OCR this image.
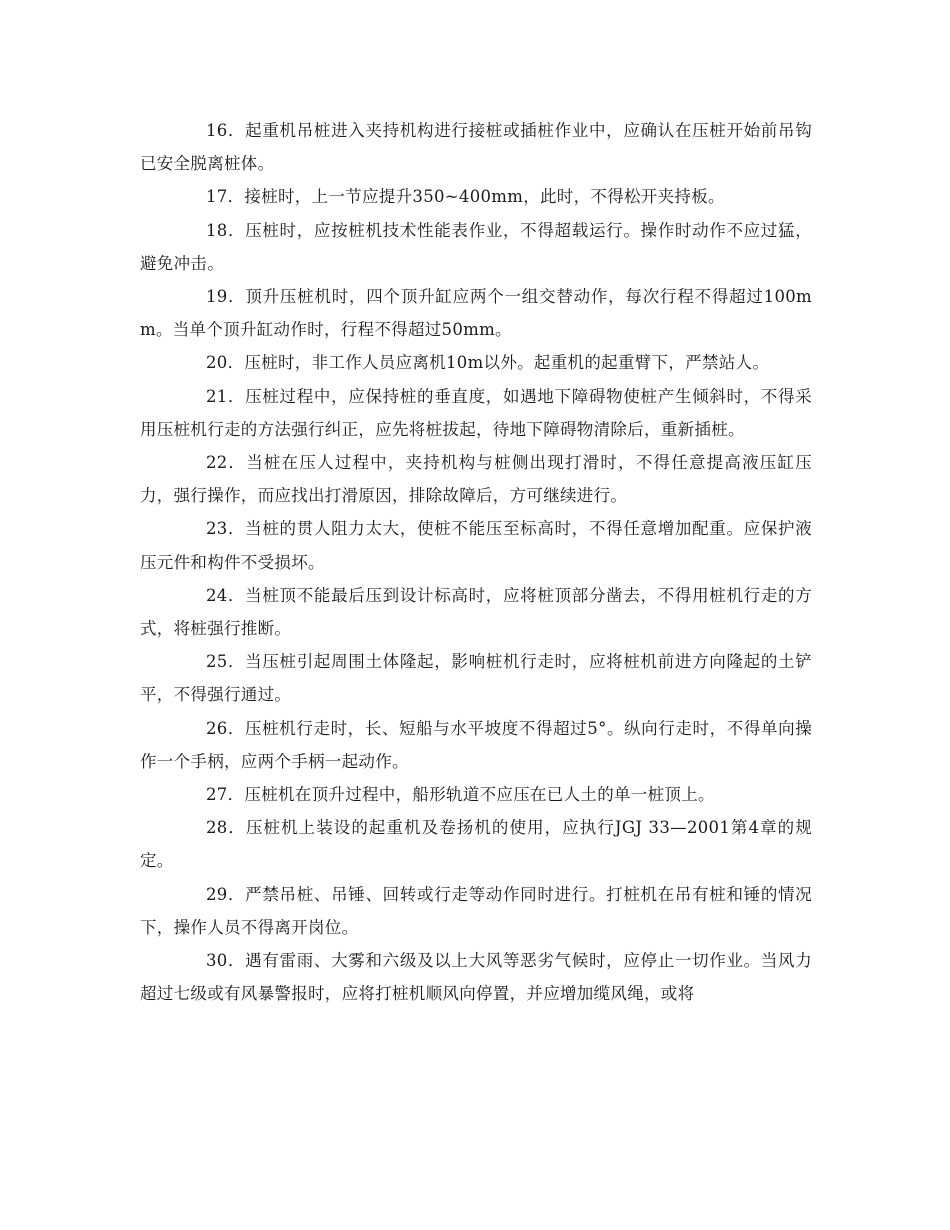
16．起重机吊桩进入夹持机构进行接桩或插桩作业中，应确认在压桩开始前吊钩已安全脱离桩体。

17．接桩时，上一节应提升350~400mm，此时，不得松开夹持板。

18．压桩时，应按桩机技术性能表作业，不得超载运行。操作时动作不应过猛，避免冲击。

19．顶升压桩机时，四个顶升缸应两个一组交替动作，每次行程不得超过100mm。当单个顶升缸动作时，行程不得超过50mm。

20．压桩时，非工作人员应离机10m以外。起重机的起重臂下，严禁站人。

21．压桩过程中，应保持桩的垂直度，如遇地下障碍物使桩产生倾斜时，不得采用压桩机行走的方法强行纠正，应先将桩拔起，待地下障碍物清除后，重新插桩。

22．当桩在压人过程中，夹持机构与桩侧出现打滑时，不得任意提高液压缸压力，强行操作，而应找出打滑原因，排除故障后，方可继续进行。

23．当桩的贯人阻力太大，使桩不能压至标高时，不得任意增加配重。应保护液压元件和构件不受损坏。

24．当桩顶不能最后压到设计标高时，应将桩顶部分凿去，不得用桩机行走的方式，将桩强行推断。

25．当压桩引起周围土体隆起，影响桩机行走时，应将桩机前进方向隆起的土铲平，不得强行通过。

26．压桩机行走时，长、短船与水平坡度不得超过5°。纵向行走时，不得单向操作一个手柄，应两个手柄一起动作。

27．压桩机在顶升过程中，船形轨道不应压在已人土的单一桩顶上。

28．压桩机上装设的起重机及卷扬机的使用，应执行JGJ 33—2001第4章的规定。

29．严禁吊桩、吊锤、回转或行走等动作同时进行。打桩机在吊有桩和锤的情况下，操作人员不得离开岗位。

30．遇有雷雨、大雾和六级及以上大风等恶劣气候时，应停止一切作业。当风力超过七级或有风暴警报时，应将打桩机顺风向停置，并应增加缆风绳，或将
